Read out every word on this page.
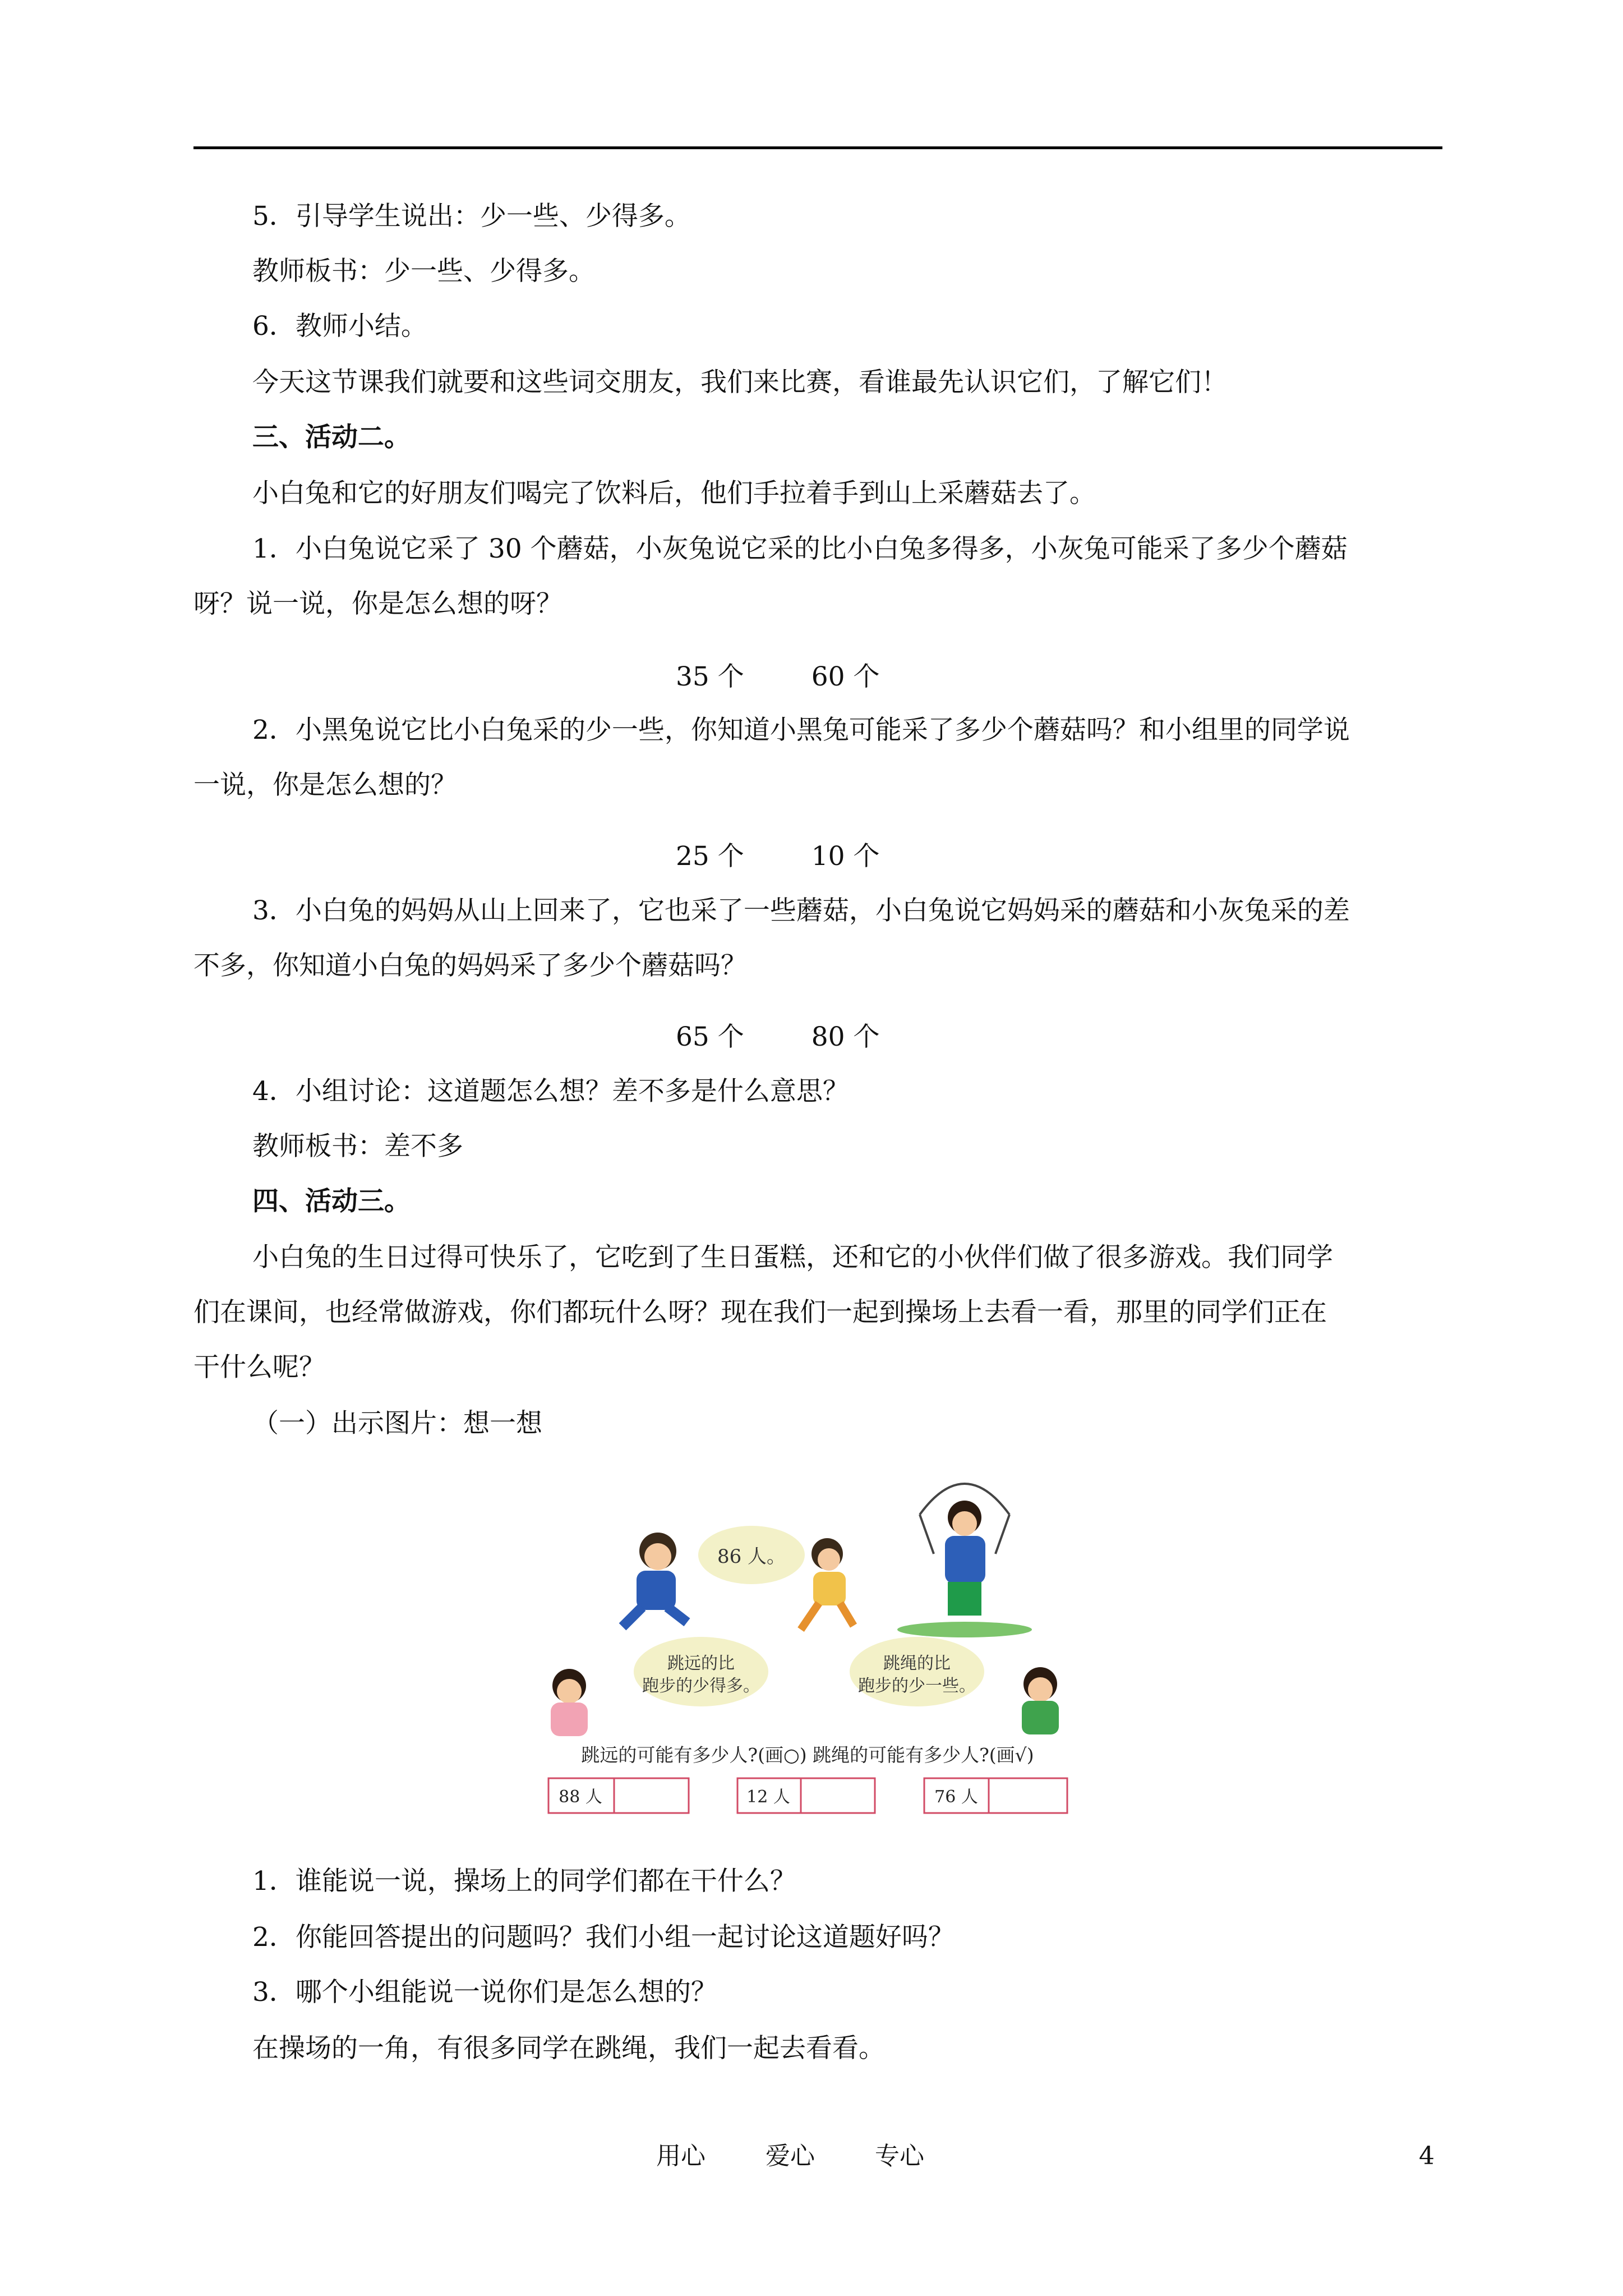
5．引导学生说出：少一些、少得多。
教师板书：少一些、少得多。
6．教师小结。
今天这节课我们就要和这些词交朋友，我们来比赛，看谁最先认识它们，了解它们！
三、活动二。
小白兔和它的好朋友们喝完了饮料后，他们手拉着手到山上采蘑菇去了。
1．小白兔说它采了 30 个蘑菇，小灰兔说它采的比小白兔多得多，小灰兔可能采了多少个蘑菇
呀？说一说，你是怎么想的呀？
35 个	60 个
2．小黑兔说它比小白兔采的少一些，你知道小黑兔可能采了多少个蘑菇吗？和小组里的同学说
一说，你是怎么想的？
25 个	10 个
3．小白兔的妈妈从山上回来了，它也采了一些蘑菇，小白兔说它妈妈采的蘑菇和小灰兔采的差
不多，你知道小白兔的妈妈采了多少个蘑菇吗？
65 个	80 个
4．小组讨论：这道题怎么想？差不多是什么意思？
教师板书：差不多
四、活动三。
小白兔的生日过得可快乐了，它吃到了生日蛋糕，还和它的小伙伴们做了很多游戏。我们同学
们在课间，也经常做游戏，你们都玩什么呀？现在我们一起到操场上去看一看，那里的同学们正在
干什么呢？
（一）出示图片：想一想
86 人。
跳远的比
跑步的少得多。
跳绳的比
跑步的少一些。
跳远的可能有多少人?(画○) 跳绳的可能有多少人?(画√)
88 人	12 人	76 人
1．谁能说一说，操场上的同学们都在干什么？
2．你能回答提出的问题吗？我们小组一起讨论这道题好吗？
3．哪个小组能说一说你们是怎么想的？
在操场的一角，有很多同学在跳绳，我们一起去看看。
用心 爱心 专心	4
